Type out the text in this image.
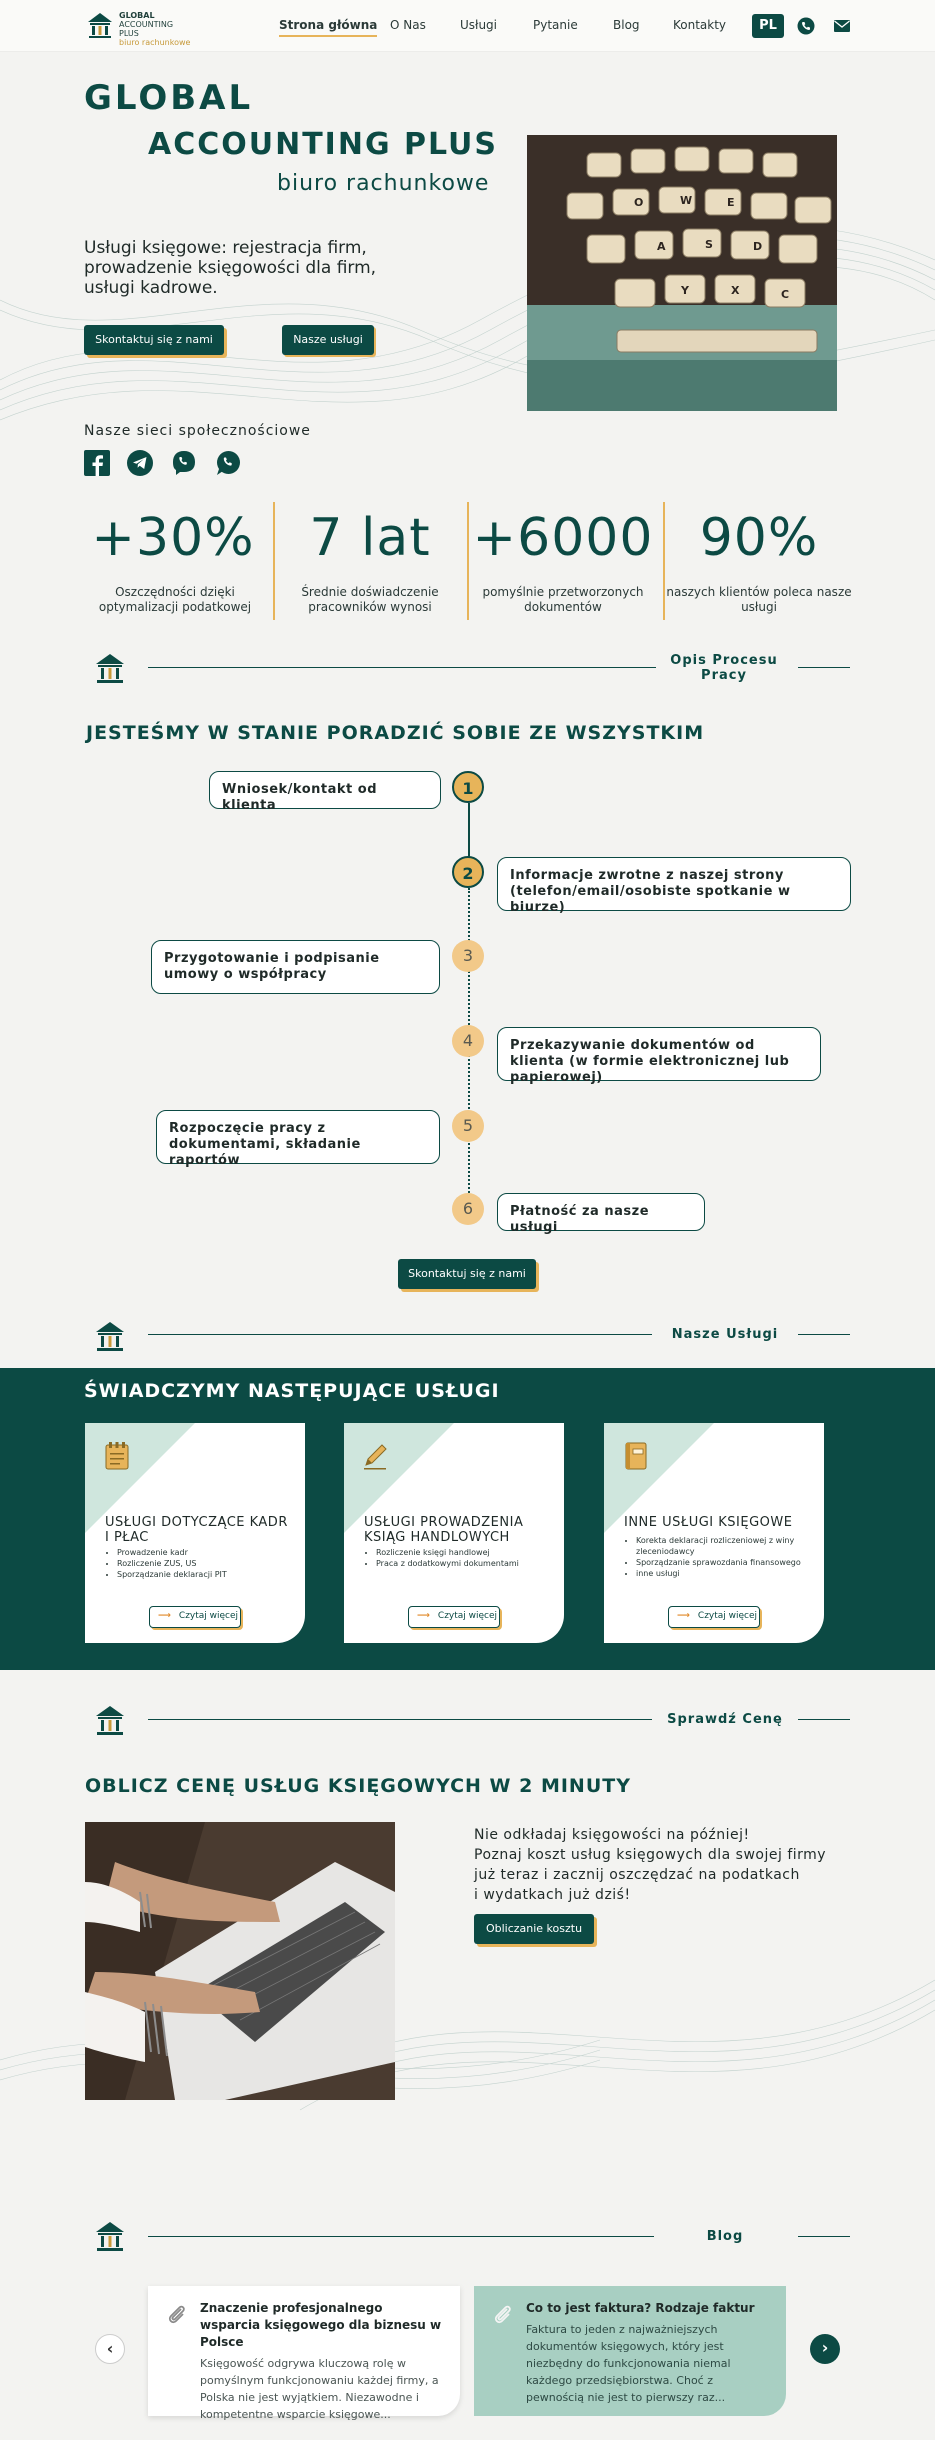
GLOBAL
ACCOUNTING PLUS
biuro rachunkowe
Strona główna O Nas	Usługi	Pytanie	Blog	Kontakty	PL
GLOBAL
ACCOUNTING PLUS
biuro rachunkowe
Usługi księgowe: rejestracja firm, prowadzenie księgowości dla firm, usługi kadrowe.
Skontaktuj się z nami	Nasze usługi
Nasze sieci społecznościowe
O	W	E
A	S	D
Y	X	C
+30%
Oszczędności dzięki optymalizacji podatkowej
7 lat
Średnie doświadczenie pracowników wynosi
+6000
pomyślnie przetworzonych dokumentów
90%
naszych klientów poleca nasze usługi
Opis Procesu Pracy
JESTEŚMY W STANIE PORADZIĆ SOBIE ZE WSZYSTKIM
1
Wniosek/kontakt od klienta
2	Informacje zwrotne z naszej strony (telefon/email/osobiste spotkanie w biurze)
3
Przygotowanie i podpisanie umowy o współpracy
4	Przekazywanie dokumentów od klienta (w formie elektronicznej lub papierowej)
5
Rozpoczęcie pracy z dokumentami, składanie raportów
6	Płatność za nasze usługi
Skontaktuj się z nami
Nasze Usługi
ŚWIADCZYMY NASTĘPUJĄCE USŁUGI
USŁUGI DOTYCZĄCE KADR I PŁAC
• Prowadzenie kadr
• Rozliczenie ZUS, US
• Sporządzanie deklaracji PIT
⟶ Czytaj więcej
USŁUGI PROWADZENIA KSIĄG HANDLOWYCH
• Rozliczenie księgi handlowej
• Praca z dodatkowymi dokumentami
⟶ Czytaj więcej
INNE USŁUGI KSIĘGOWE
• Korekta deklaracji rozliczeniowej z winy zleceniodawcy
• Sporządzanie sprawozdania finansowego
• inne usługi
⟶ Czytaj więcej
Sprawdź Cenę
OBLICZ CENĘ USŁUG KSIĘGOWYCH W 2 MINUTY
Nie odkładaj księgowości na później!
Poznaj koszt usług księgowych dla swojej firmy
już teraz i zacznij oszczędzać na podatkach
i wydatkach już dziś!
Obliczanie kosztu
Blog
‹	›
Znaczenie profesjonalnego wsparcia księgowego dla biznesu w Polsce
Księgowość odgrywa kluczową rolę w pomyślnym funkcjonowaniu każdej firmy, a Polska nie jest wyjątkiem. Niezawodne i kompetentne wsparcie księgowe...
Co to jest faktura? Rodzaje faktur
Faktura to jeden z najważniejszych dokumentów księgowych, który jest niezbędny do funkcjonowania niemal każdego przedsiębiorstwa. Choć z pewnością nie jest to pierwszy raz...
